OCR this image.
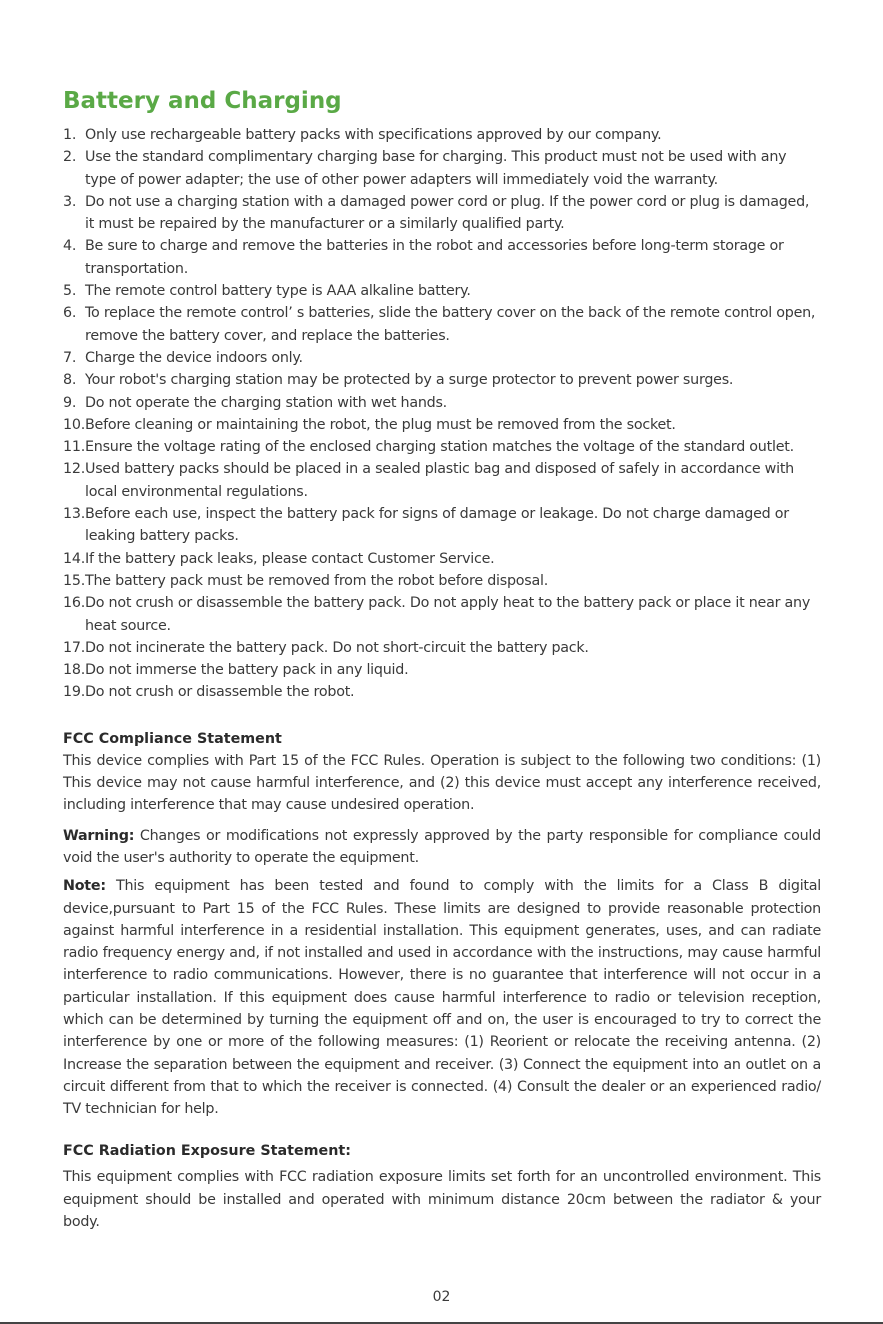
Battery and Charging
1. Only use rechargeable battery packs with specifications approved by our company.
2. Use the standard complimentary charging base for charging. This product must not be used with any type of power adapter; the use of other power adapters will immediately void the warranty.
3. Do not use a charging station with a damaged power cord or plug. If the power cord or plug is damaged, it must be repaired by the manufacturer or a similarly qualified party.
4. Be sure to charge and remove the batteries in the robot and accessories before long-term storage or transportation.
5. The remote control battery type is AAA alkaline battery.
6. To replace the remote control’ s batteries, slide the battery cover on the back of the remote control open, remove the battery cover, and replace the batteries.
7. Charge the device indoors only.
8. Your robot's charging station may be protected by a surge protector to prevent power surges.
9. Do not operate the charging station with wet hands.
10. Before cleaning or maintaining the robot, the plug must be removed from the socket.
11. Ensure the voltage rating of the enclosed charging station matches the voltage of the standard outlet.
12. Used battery packs should be placed in a sealed plastic bag and disposed of safely in accordance with local environmental regulations.
13. Before each use, inspect the battery pack for signs of damage or leakage. Do not charge damaged or leaking battery packs.
14. If the battery pack leaks, please contact Customer Service.
15. The battery pack must be removed from the robot before disposal.
16. Do not crush or disassemble the battery pack. Do not apply heat to the battery pack or place it near any heat source.
17. Do not incinerate the battery pack. Do not short-circuit the battery pack.
18. Do not immerse the battery pack in any liquid.
19. Do not crush or disassemble the robot.
FCC Compliance Statement

This device complies with Part 15 of the FCC Rules. Operation is subject to the following two conditions: (1) This device may not cause harmful interference, and (2) this device must accept any interference received, including interference that may cause undesired operation.

Warning: Changes or modifications not expressly approved by the party responsible for compliance could void the user's authority to operate the equipment.

Note: This equipment has been tested and found to comply with the limits for a Class B digital device,pursuant to Part 15 of the FCC Rules. These limits are designed to provide reasonable protection against harmful interference in a residential installation. This equipment generates, uses, and can radiate radio frequency energy and, if not installed and used in accordance with the instructions, may cause harmful interference to radio communications. However, there is no guarantee that interference will not occur in a particular installation. If this equipment does cause harmful interference to radio or television reception, which can be determined by turning the equipment off and on, the user is encouraged to try to correct the interference by one or more of the following measures: (1) Reorient or relocate the receiving antenna. (2) Increase the separation between the equipment and receiver. (3) Connect the equipment into an outlet on a circuit different from that to which the receiver is connected. (4) Consult the dealer or an experienced radio/ TV technician for help.

FCC Radiation Exposure Statement:

This equipment complies with FCC radiation exposure limits set forth for an uncontrolled environment. This equipment should be installed and operated with minimum distance 20cm between the radiator & your body.

02
